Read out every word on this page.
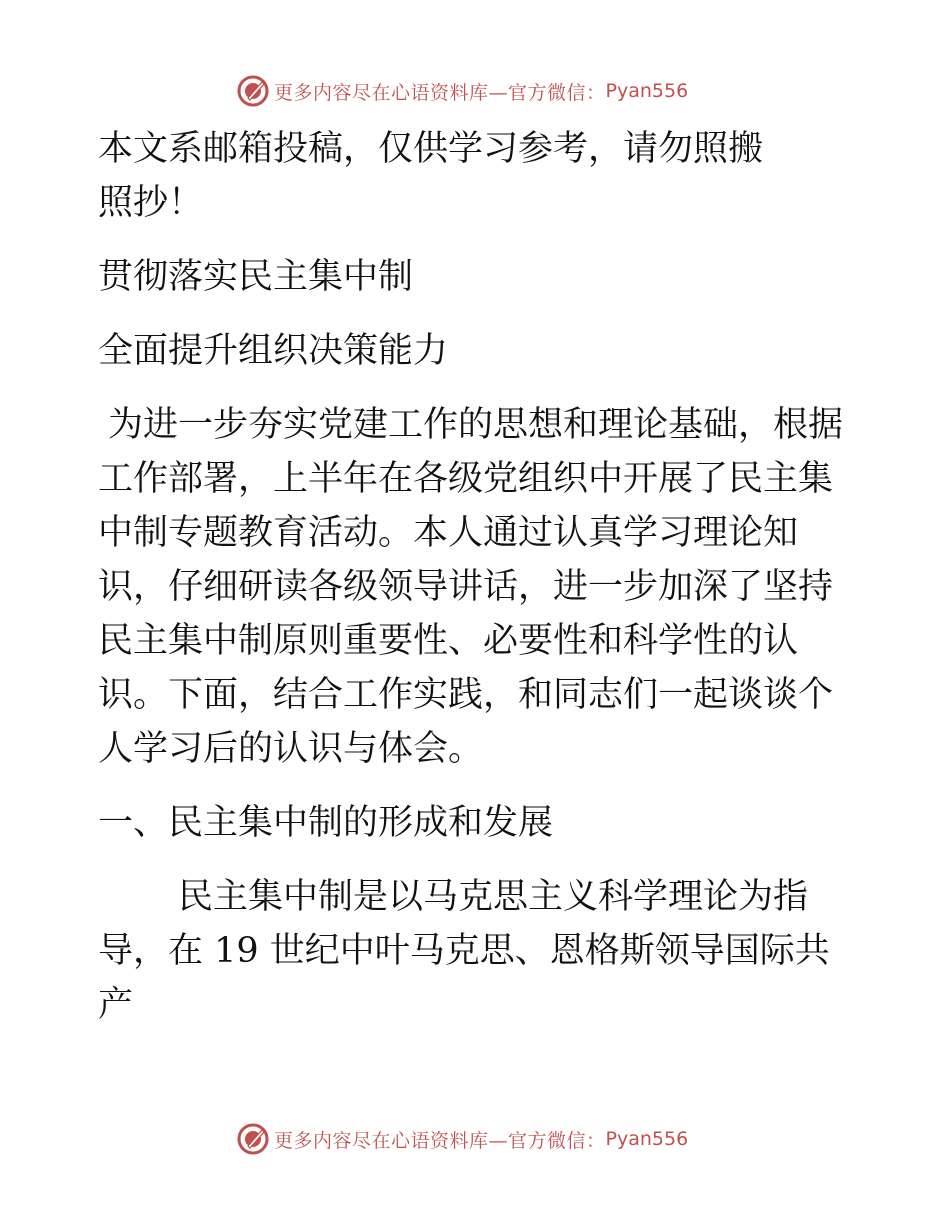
更多内容尽在心语资料库—官方微信： Pyan556

本文系邮箱投稿，仅供学习参考，请勿照搬照抄！

贯彻落实民主集中制

全面提升组织决策能力

为进一步夯实党建工作的思想和理论基础，根据工作部署，上半年在各级党组织中开展了民主集中制专题教育活动。本人通过认真学习理论知识，仔细研读各级领导讲话，进一步加深了坚持民主集中制原则重要性、必要性和科学性的认识。下面，结合工作实践，和同志们一起谈谈个人学习后的认识与体会。

一、民主集中制的形成和发展

民主集中制是以马克思主义科学理论为指导，在 19 世纪中叶马克思、恩格斯领导国际共产

更多内容尽在心语资料库—官方微信： Pyan556
